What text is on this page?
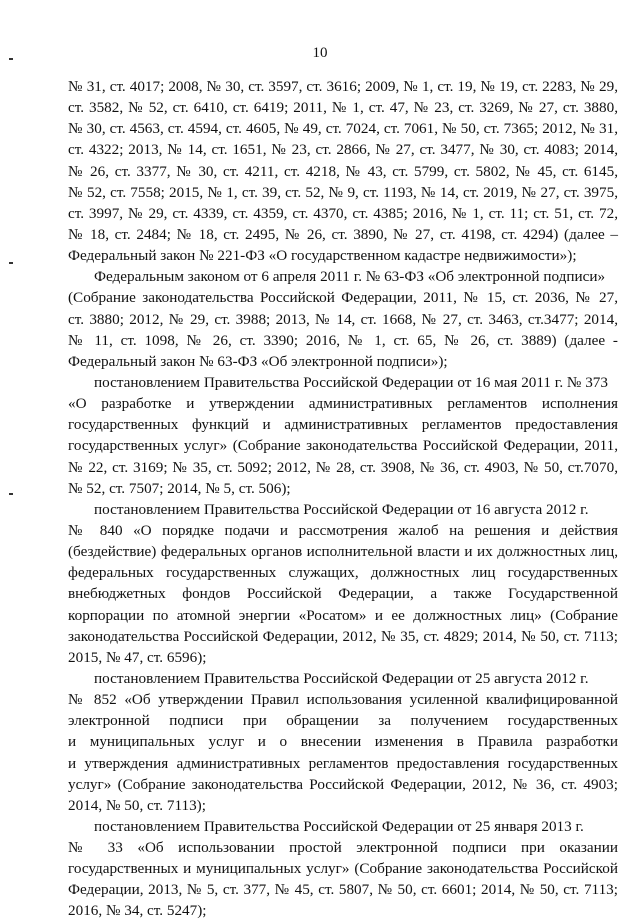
10
№ 31, ст. 4017; 2008, № 30, ст. 3597, ст. 3616; 2009, № 1, ст. 19, № 19, ст. 2283, № 29,
ст. 3582, № 52, ст. 6410, ст. 6419; 2011, № 1, ст. 47, № 23, ст. 3269, № 27, ст. 3880,
№ 30, ст. 4563, ст. 4594, ст. 4605, № 49, ст. 7024, ст. 7061, № 50, ст. 7365; 2012, № 31,
ст. 4322; 2013, № 14, ст. 1651, № 23, ст. 2866, № 27, ст. 3477, № 30, ст. 4083; 2014,
№ 26, ст. 3377, № 30, ст. 4211, ст. 4218, № 43, ст. 5799, ст. 5802, № 45, ст. 6145,
№ 52, ст. 7558; 2015, № 1, ст. 39, ст. 52, № 9, ст. 1193, № 14, ст. 2019, № 27, ст. 3975,
ст. 3997, № 29, ст. 4339, ст. 4359, ст. 4370, ст. 4385; 2016, № 1, ст. 11; ст. 51, ст. 72,
№ 18, ст. 2484; № 18, ст. 2495, № 26, ст. 3890, № 27, ст. 4198, ст. 4294) (далее –
Федеральный закон № 221-ФЗ «О государственном кадастре недвижимости»);
Федеральным законом от 6 апреля 2011 г. № 63-ФЗ «Об электронной подписи»
(Собрание законодательства Российской Федерации, 2011, № 15, ст. 2036, № 27,
ст. 3880; 2012, № 29, ст. 3988; 2013, № 14, ст. 1668, № 27, ст. 3463, ст.3477; 2014,
№ 11, ст. 1098, № 26, ст. 3390; 2016, № 1, ст. 65, № 26, ст. 3889) (далее -
Федеральный закон № 63-ФЗ «Об электронной подписи»);
постановлением Правительства Российской Федерации от 16 мая 2011 г. № 373
«О разработке и утверждении административных регламентов исполнения
государственных функций и административных регламентов предоставления
государственных услуг» (Собрание законодательства Российской Федерации, 2011,
№ 22, ст. 3169; № 35, ст. 5092; 2012, № 28, ст. 3908, № 36, ст. 4903, № 50, ст.7070,
№ 52, ст. 7507; 2014, № 5, ст. 506);
постановлением Правительства Российской Федерации от 16 августа 2012 г.
№ 840 «О порядке подачи и рассмотрения жалоб на решения и действия
(бездействие) федеральных органов исполнительной власти и их должностных лиц,
федеральных государственных служащих, должностных лиц государственных
внебюджетных фондов Российской Федерации, а также Государственной
корпорации по атомной энергии «Росатом» и ее должностных лиц» (Собрание
законодательства Российской Федерации, 2012, № 35, ст. 4829; 2014, № 50, ст. 7113;
2015, № 47, ст. 6596);
постановлением Правительства Российской Федерации от 25 августа 2012 г.
№ 852 «Об утверждении Правил использования усиленной квалифицированной
электронной подписи при обращении за получением государственных
и муниципальных услуг и о внесении изменения в Правила разработки
и утверждения административных регламентов предоставления государственных
услуг» (Собрание законодательства Российской Федерации, 2012, № 36, ст. 4903;
2014, № 50, ст. 7113);
постановлением Правительства Российской Федерации от 25 января 2013 г.
№ 33 «Об использовании простой электронной подписи при оказании
государственных и муниципальных услуг» (Собрание законодательства Российской
Федерации, 2013, № 5, ст. 377, № 45, ст. 5807, № 50, ст. 6601; 2014, № 50, ст. 7113;
2016, № 34, ст. 5247);
